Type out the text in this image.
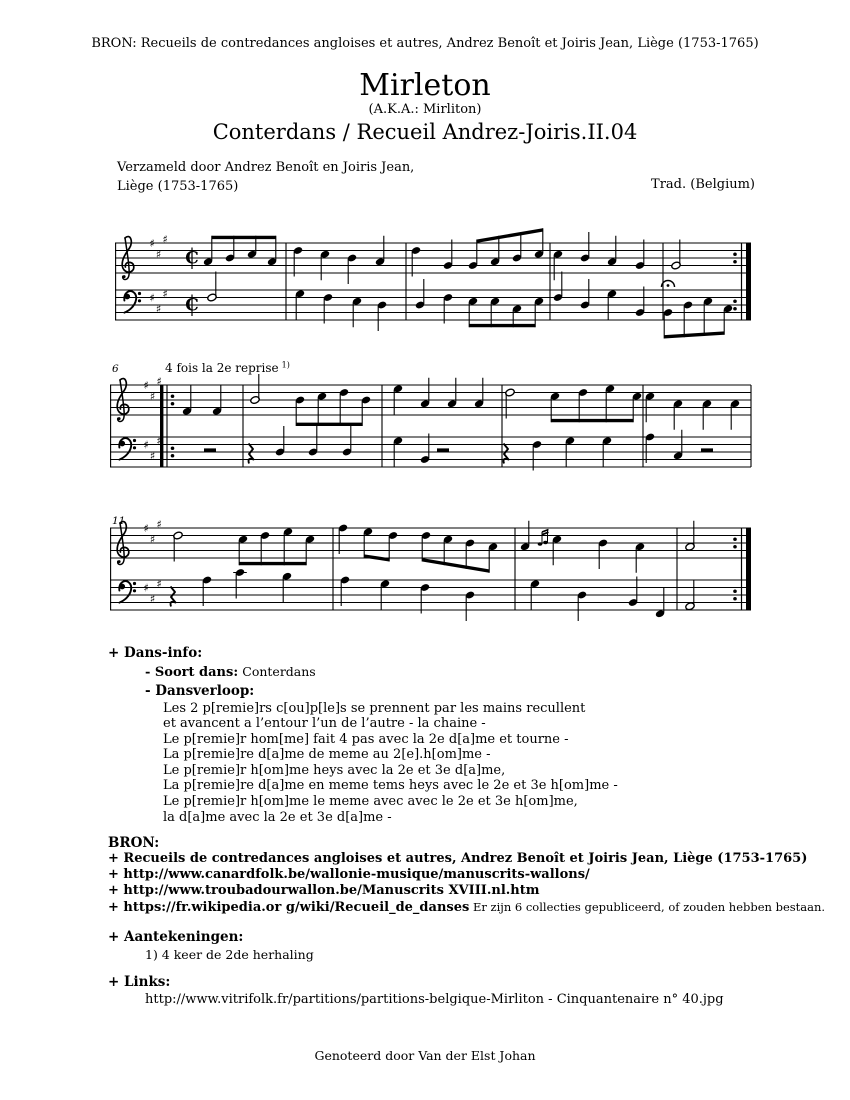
BRON: Recueils de contredances angloises et autres, Andrez Benoît et Joiris Jean, Liège (1753-1765)
Mirleton
(A.K.A.: Mirliton)
Conterdans / Recueil Andrez-Joiris.II.04
Verzameld door Andrez Benoît en Joiris Jean,
Liège (1753-1765)	Trad. (Belgium)
♯
♯
♯
♯
♯
♯
C
C
♯
♯
♯
♯
♯
♯
6	4 fois la 2e reprise $^{1)}$
♯
♯
♯
♯
♯
♯
11
+ Dans-info:
- Soort dans: Conterdans
- Dansverloop:
Les 2 p[remie]rs c[ou]p[le]s se prennent par les mains recullent
et avancent a l’entour l’un de l’autre - la chaine -
Le p[remie]r hom[me] fait 4 pas avec la 2e d[a]me et tourne -
La p[remie]re d[a]me de meme au 2[e].h[om]me -
Le p[remie]r h[om]me heys avec la 2e et 3e d[a]me,
La p[remie]re d[a]me en meme tems heys avec le 2e et 3e h[om]me -
Le p[remie]r h[om]me le meme avec avec le 2e et 3e h[om]me,
la d[a]me avec la 2e et 3e d[a]me -
BRON:
+ Recueils de contredances angloises et autres, Andrez Benoît et Joiris Jean, Liège (1753-1765)
+ http://www.canardfolk.be/wallonie-musique/manuscrits-wallons/
+ http://www.troubadourwallon.be/Manuscrits XVIII.nl.htm
+ https://fr.wikipedia.or g/wiki/Recueil_de_danses Er zijn 6 collecties gepubliceerd, of zouden hebben bestaan.
+ Aantekeningen:
1) 4 keer de 2de herhaling
+ Links:
http://www.vitrifolk.fr/partitions/partitions-belgique-Mirliton - Cinquantenaire n° 40.jpg
Genoteerd door Van der Elst Johan
